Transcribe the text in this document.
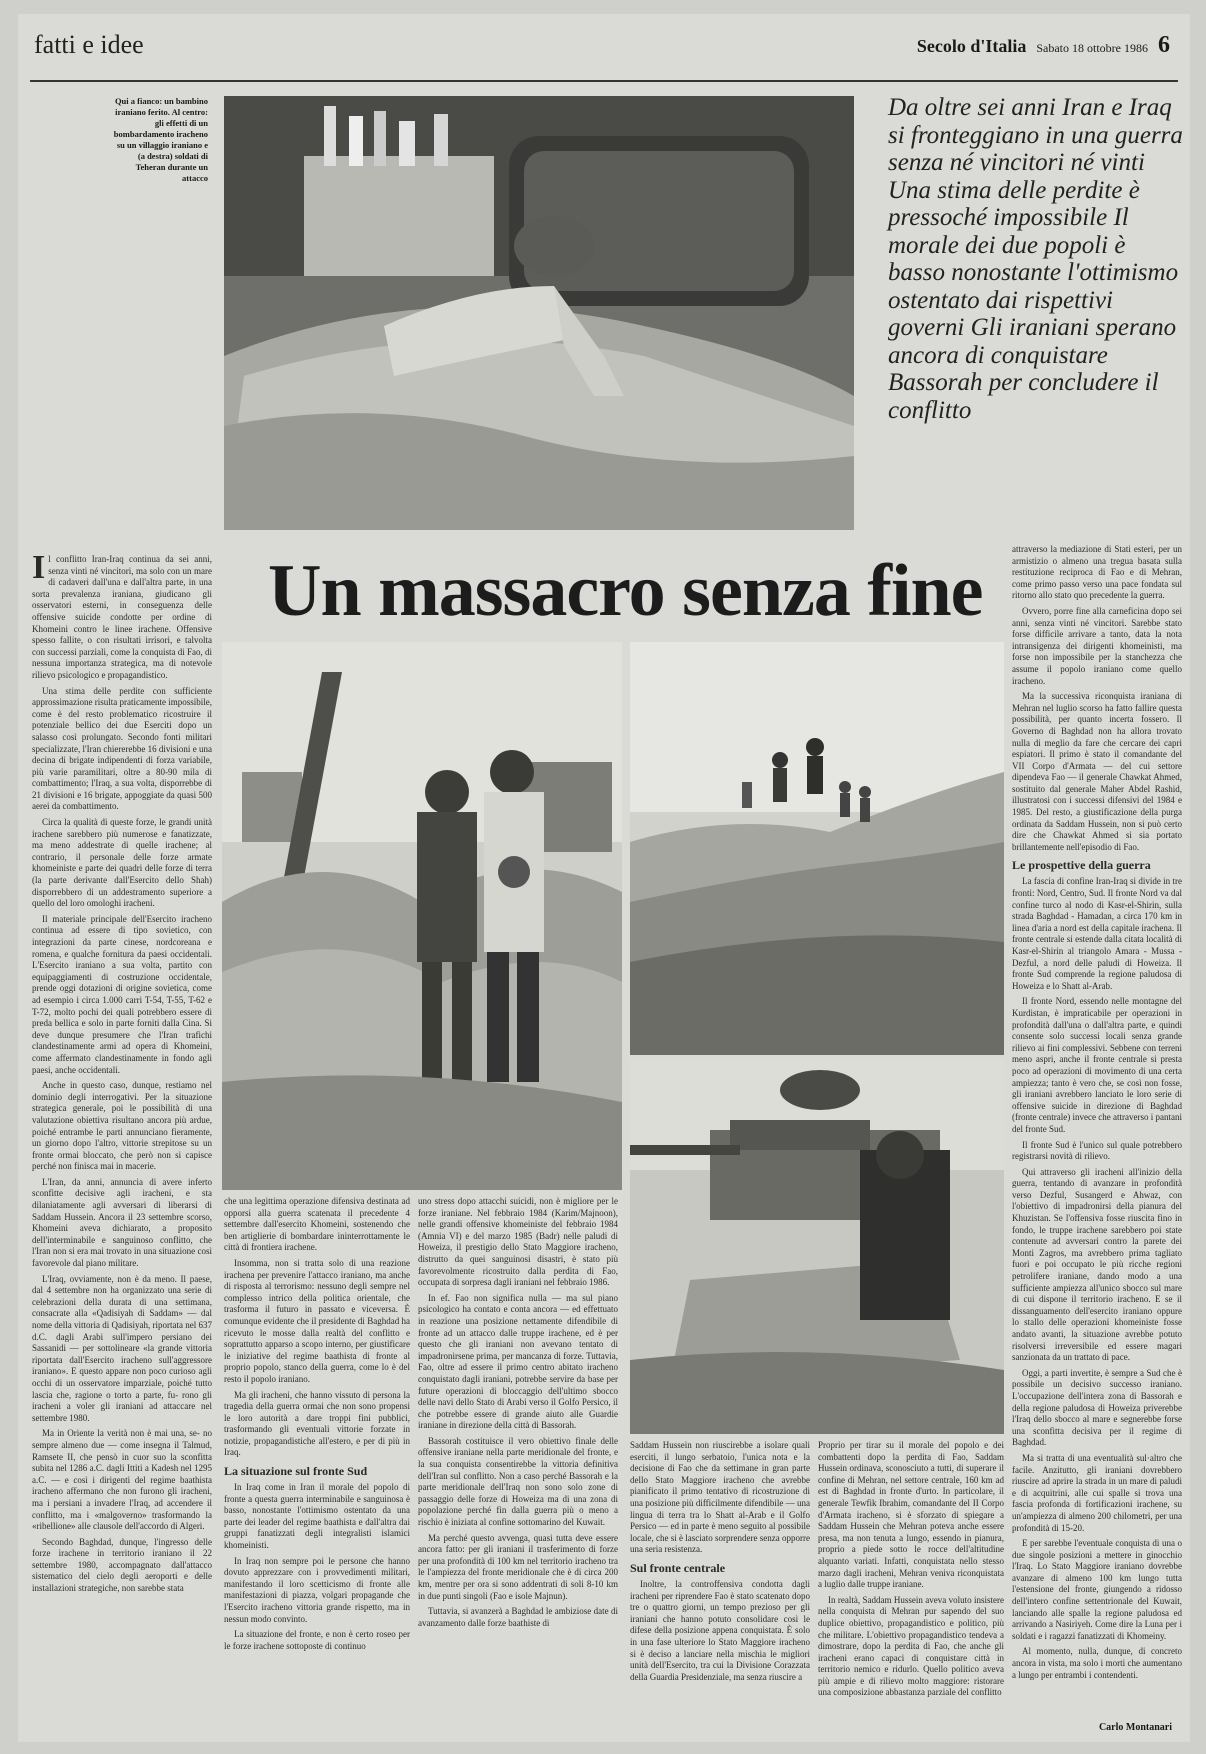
fatti e idee	Secolo d'Italia Sabato 18 ottobre 1986 6
Qui a fianco: un bambino iraniano ferito. Al centro: gli effetti di un bombardamento iracheno su un villaggio iraniano e (a destra) soldati di Teheran durante un attacco
Da oltre sei anni Iran e Iraq si fronteggiano in una guerra senza né vincitori né vinti Una stima delle perdite è pressoché impossibile Il morale dei due popoli è basso nonostante l'ottimismo ostentato dai rispettivi governi Gli iraniani sperano ancora di conquistare Bassorah per concludere il conflitto
Un massacro senza fine

Il conflitto Iran-Iraq continua da sei anni, senza vinti né vincitori, ma solo con un mare di cadaveri dall'una e dall'altra parte, in una sorta prevalenza iraniana, giudicano gli osservatori esterni, in conseguenza delle offensive suicide condotte per ordine di Khomeini contro le linee irachene. Offensive spesso fallite, o con risultati irrisori, e talvolta con successi parziali, come la conquista di Fao, di nessuna importanza strategica, ma di notevole rilievo psicologico e propagandistico.

Una stima delle perdite con sufficiente approssimazione risulta praticamente impossibile, come è del resto problematico ricostruire il potenziale bellico dei due Eserciti dopo un salasso così prolungato. Secondo fonti militari specializzate, l'Iran chiererebbe 16 divisioni e una decina di brigate indipendenti di forza variabile, più varie paramilitari, oltre a 80-90 mila di combattimento; l'Iraq, a sua volta, disporrebbe di 21 divisioni e 16 brigate, appoggiate da quasi 500 aerei da combattimento.

Circa la qualità di queste forze, le grandi unità irachene sarebbero più numerose e fanatizzate, ma meno addestrate di quelle irachene; al contrario, il personale delle forze armate khomeiniste e parte dei quadri delle forze di terra (la parte derivante dall'Esercito dello Shah) disporrebbero di un addestramento superiore a quello del loro omologhi iracheni.

Il materiale principale dell'Esercito iracheno continua ad essere di tipo sovietico, con integrazioni da parte cinese, nordcoreana e romena, e qualche fornitura da paesi occidentali. L'Esercito iraniano a sua volta, partito con equipaggiamenti di costruzione occidentale, prende oggi dotazioni di origine sovietica, come ad esempio i circa 1.000 carri T-54, T-55, T-62 e T-72, molto pochi dei quali potrebbero essere di preda bellica e solo in parte forniti dalla Cina. Si deve dunque presumere che l'Iran trafichi clandestinamente armi ad opera di Khomeini, come affermato clandestinamente in fondo agli paesi, anche occidentali.

Anche in questo caso, dunque, restiamo nel dominio degli interrogativi. Per la situazione strategica generale, poi le possibilità di una valutazione obiettiva risultano ancora più ardue, poiché entrambe le parti annunciano fieramente, un giorno dopo l'altro, vittorie strepitose su un fronte ormai bloccato, che però non si capisce perché non finisca mai in macerie.

L'Iran, da anni, annuncia di avere inferto sconfitte decisive agli iracheni, e sta dilaniatamente agli avversari di liberarsi di Saddam Hussein. Ancora il 23 settembre scorso, Khomeini aveva dichiarato, a proposito dell'interminabile e sanguinoso conflitto, che l'Iran non si era mai trovato in una situazione così favorevole dal piano militare.

L'Iraq, ovviamente, non è da meno. Il paese, dal 4 settembre non ha organizzato una serie di celebrazioni della durata di una settimana, consacrate alla «Qadisiyah di Saddam» — dal nome della vittoria di Qadisiyah, riportata nel 637 d.C. dagli Arabi sull'impero persiano dei Sassanidi — per sottolineare «la grande vittoria riportata dall'Esercito iracheno sull'aggressore iraniano». E questo appare non poco curioso agli occhi di un osservatore imparziale, poiché tutto lascia che, ragione o torto a parte, fu- rono gli iracheni a voler gli iraniani ad attaccare nel settembre 1980.

Ma in Oriente la verità non è mai una, se- no sempre almeno due — come insegna il Talmud, Ramsete II, che pensò in cuor suo la sconfitta subita nel 1286 a.C. dagli Ittiti a Kadesh nel 1295 a.C. — e così i dirigenti del regime baathista iracheno affermano che non furono gli iracheni, ma i persiani a invadere l'Iraq, ad accendere il conflitto, ma i «malgoverno» trasformando la «ribellione» alle clausole dell'accordo di Algeri.

Secondo Baghdad, dunque, l'ingresso delle forze irachene in territorio iraniano il 22 settembre 1980, accompagnato dall'attacco sistematico del cielo degli aeroporti e delle installazioni strategiche, non sarebbe stata

che una legittima operazione difensiva destinata ad opporsi alla guerra scatenata il precedente 4 settembre dall'esercito Khomeini, sostenendo che ben artiglierie di bombardare ininterrottamente le città di frontiera irachene.

Insomma, non si tratta solo di una reazione irachena per prevenire l'attacco iraniano, ma anche di risposta al terrorismo: nessuno degli sempre nel complesso intrico della politica orientale, che trasforma il futuro in passato e viceversa. È comunque evidente che il presidente di Baghdad ha ricevuto le mosse dalla realtà del conflitto e soprattutto apparso a scopo interno, per giustificare le iniziative del regime baathista di fronte al proprio popolo, stanco della guerra, come lo è del resto il popolo iraniano.

Ma gli iracheni, che hanno vissuto di persona la tragedia della guerra ormai che non sono propensi le loro autorità a dare troppi fini pubblici, trasformando gli eventuali vittorie forzate in notizie, propagandistiche all'estero, e per di più in Iraq.

La situazione sul fronte Sud

In Iraq come in Iran il morale del popolo di fronte a questa guerra interminabile e sanguinosa è basso, nonostante l'ottimismo ostentato da una parte dei leader del regime baathista e dall'altra dai gruppi fanatizzati degli integralisti islamici khomeinisti.

In Iraq non sempre poi le persone che hanno dovuto apprezzare con i provvedimenti militari, manifestando il loro scetticismo di fronte alle manifestazioni di piazza, volgari propagande che l'Esercito iracheno vittoria grande rispetto, ma in nessun modo convinto.

La situazione del fronte, e non è certo roseo per le forze irachene sottoposte di continuo

uno stress dopo attacchi suicidi, non è migliore per le forze iraniane. Nel febbraio 1984 (Karim/Majnoon), nelle grandi offensive khomeiniste del febbraio 1984 (Amnia VI) e del marzo 1985 (Badr) nelle paludi di Howeiza, il prestigio dello Stato Maggiore iracheno, distrutto da quei sanguinosi disastri, è stato più favorevolmente ricostruito dalla perdita di Fao, occupata di sorpresa dagli iraniani nel febbraio 1986.

In ef. Fao non significa nulla — ma sul piano psicologico ha contato e conta ancora — ed effettuato in reazione una posizione nettamente difendibile di fronte ad un attacco dalle truppe irachene, ed è per questo che gli iraniani non avevano tentato di impadronirsene prima, per mancanza di forze. Tuttavia, Fao, oltre ad essere il primo centro abitato iracheno conquistato dagli iraniani, potrebbe servire da base per future operazioni di bloccaggio dell'ultimo sbocco delle navi dello Stato di Arabi verso il Golfo Persico, il che potrebbe essere di grande aiuto alle Guardie iraniane in direzione della città di Bassorah.

Bassorah costituisce il vero obiettivo finale delle offensive iraniane nella parte meridionale del fronte, e la sua conquista consentirebbe la vittoria definitiva dell'Iran sul conflitto. Non a caso perché Bassorah e la parte meridionale dell'Iraq non sono solo zone di passaggio delle forze di Howeiza ma di una zona di popolazione perché fin dalla guerra più o meno a rischio è iniziata al confine sottomarino del Kuwait.

Ma perché questo avvenga, quasi tutta deve essere ancora fatto: per gli iraniani il trasferimento di forze per una profondità di 100 km nel territorio iracheno tra le l'ampiezza del fronte meridionale che è di circa 200 km, mentre per ora si sono addentrati di soli 8-10 km in due punti singoli (Fao e isole Majnun).

Tuttavia, si avanzerà a Baghdad le ambiziose date di avanzamento dalle forze baathiste di

Saddam Hussein non riuscirebbe a isolare quali eserciti, il lungo serbatoio, l'unica nota e la decisione di Fao che da settimane in gran parte dello Stato Maggiore iracheno che avrebbe pianificato il primo tentativo di ricostruzione di una posizione più difficilmente difendibile — una lingua di terra tra lo Shatt al-Arab e il Golfo Persico — ed in parte è meno seguito al possibile locale, che si è lasciato sorprendere senza opporre una seria resistenza.

Sul fronte centrale

Inoltre, la controffensiva condotta dagli iracheni per riprendere Fao è stato scatenato dopo tre o quattro giorni, un tempo prezioso per gli iraniani che hanno potuto consolidare così le difese della posizione appena conquistata. È solo in una fase ulteriore lo Stato Maggiore iracheno si è deciso a lanciare nella mischia le migliori unità dell'Esercito, tra cui la Divisione Corazzata della Guardia Presidenziale, ma senza riuscire a

Proprio per tirar su il morale del popolo e dei combattenti dopo la perdita di Fao, Saddam Hussein ordinava, sconosciuto a tutti, di superare il confine di Mehran, nel settore centrale, 160 km ad est di Baghdad in fronte d'urto. In particolare, il generale Tewfik Ibrahim, comandante del II Corpo d'Armata iracheno, si è sforzato di spiegare a Saddam Hussein che Mehran poteva anche essere presa, ma non tenuta a lungo, essendo in pianura, proprio a piede sotto le rocce dell'altitudine alquanto variati. Infatti, conquistata nello stesso marzo dagli iracheni, Mehran veniva riconquistata a luglio dalle truppe iraniane.

In realtà, Saddam Hussein aveva voluto insistere nella conquista di Mehran pur sapendo del suo duplice obiettivo, propagandistico e politico, più che militare. L'obiettivo propagandistico tendeva a dimostrare, dopo la perdita di Fao, che anche gli iracheni erano capaci di conquistare città in territorio nemico e ridurlo. Quello politico aveva più ampie e di rilievo molto maggiore: ristorare una composizione abbastanza parziale del conflitto

attraverso la mediazione di Stati esteri, per un armistizio o almeno una tregua basata sulla restituzione reciproca di Fao e di Mehran, come primo passo verso una pace fondata sul ritorno allo stato quo precedente la guerra.

Ovvero, porre fine alla carneficina dopo sei anni, senza vinti né vincitori. Sarebbe stato forse difficile arrivare a tanto, data la nota intransigenza dei dirigenti khomeinisti, ma forse non impossibile per la stanchezza che assume il popolo iraniano come quello iracheno.

Ma la successiva riconquista iraniana di Mehran nel luglio scorso ha fatto fallire questa possibilità, per quanto incerta fossero. Il Governo di Baghdad non ha allora trovato nulla di meglio da fare che cercare dei capri espiatori. Il primo è stato il comandante del VII Corpo d'Armata — del cui settore dipendeva Fao — il generale Chawkat Ahmed, sostituito dal generale Maher Abdel Rashid, illustratosi con i successi difensivi del 1984 e 1985. Del resto, a giustificazione della purga ordinata da Saddam Hussein, non si può certo dire che Chawkat Ahmed si sia portato brillantemente nell'episodio di Fao.

Le prospettive della guerra

La fascia di confine Iran-Iraq si divide in tre fronti: Nord, Centro, Sud. Il fronte Nord va dal confine turco al nodo di Kasr-el-Shirin, sulla strada Baghdad - Hamadan, a circa 170 km in linea d'aria a nord est della capitale irachena. Il fronte centrale si estende dalla citata località di Kasr-el-Shirin al triangolo Amara - Mussa - Dezful, a nord delle paludi di Howeiza. Il fronte Sud comprende la regione paludosa di Howeiza e lo Shatt al-Arab.

Il fronte Nord, essendo nelle montagne del Kurdistan, è impraticabile per operazioni in profondità dall'una o dall'altra parte, e quindi consente solo successi locali senza grande rilievo ai fini complessivi. Sebbene con terreni meno aspri, anche il fronte centrale si presta poco ad operazioni di movimento di una certa ampiezza; tanto è vero che, se così non fosse, gli iraniani avrebbero lanciato le loro serie di offensive suicide in direzione di Baghdad (fronte centrale) invece che attraverso i pantani del fronte Sud.

Il fronte Sud è l'unico sul quale potrebbero registrarsi novità di rilievo.

Qui attraverso gli iracheni all'inizio della guerra, tentando di avanzare in profondità verso Dezful, Susangerd e Ahwaz, con l'obiettivo di impadronirsi della pianura del Khuzistan. Se l'offensiva fosse riuscita fino in fondo, le truppe irachene sarebbero poi state contenute ad avversari contro la parete dei Monti Zagros, ma avrebbero prima tagliato fuori e poi occupato le più ricche regioni petrolifere iraniane, dando modo a una sufficiente ampiezza all'unico sbocco sul mare di cui dispone il territorio iracheno. E se il dissanguamento dell'esercito iraniano oppure lo stallo delle operazioni khomeiniste fosse andato avanti, la situazione avrebbe potuto risolversi irreversibile ed essere magari sanzionata da un trattato di pace.

Oggi, a parti invertite, è sempre a Sud che è possibile un decisivo successo iraniano. L'occupazione dell'intera zona di Bassorah e della regione paludosa di Howeiza priverebbe l'Iraq dello sbocco al mare e segnerebbe forse una sconfitta decisiva per il regime di Baghdad.

Ma si tratta di una eventualità sul·altro che facile. Anzitutto, gli iraniani dovrebbero riuscire ad aprire la strada in un mare di paludi e di acquitrini, alle cui spalle si trova una fascia profonda di fortificazioni irachene, su un'ampiezza di almeno 200 chilometri, per una profondità di 15-20.

E per sarebbe l'eventuale conquista di una o due singole posizioni a mettere in ginocchio l'Iraq. Lo Stato Maggiore iraniano dovrebbe avanzare di almeno 100 km lungo tutta l'estensione del fronte, giungendo a ridosso dell'intero confine settentrionale del Kuwait, lanciando alle spalle la regione paludosa ed arrivando a Nasiriyeh. Come dire la Luna per i soldati e i ragazzi fanatizzati di Khomeiny.

Al momento, nulla, dunque, di concreto ancora in vista, ma solo i morti che aumentano a lungo per entrambi i contendenti.

Carlo Montanari
